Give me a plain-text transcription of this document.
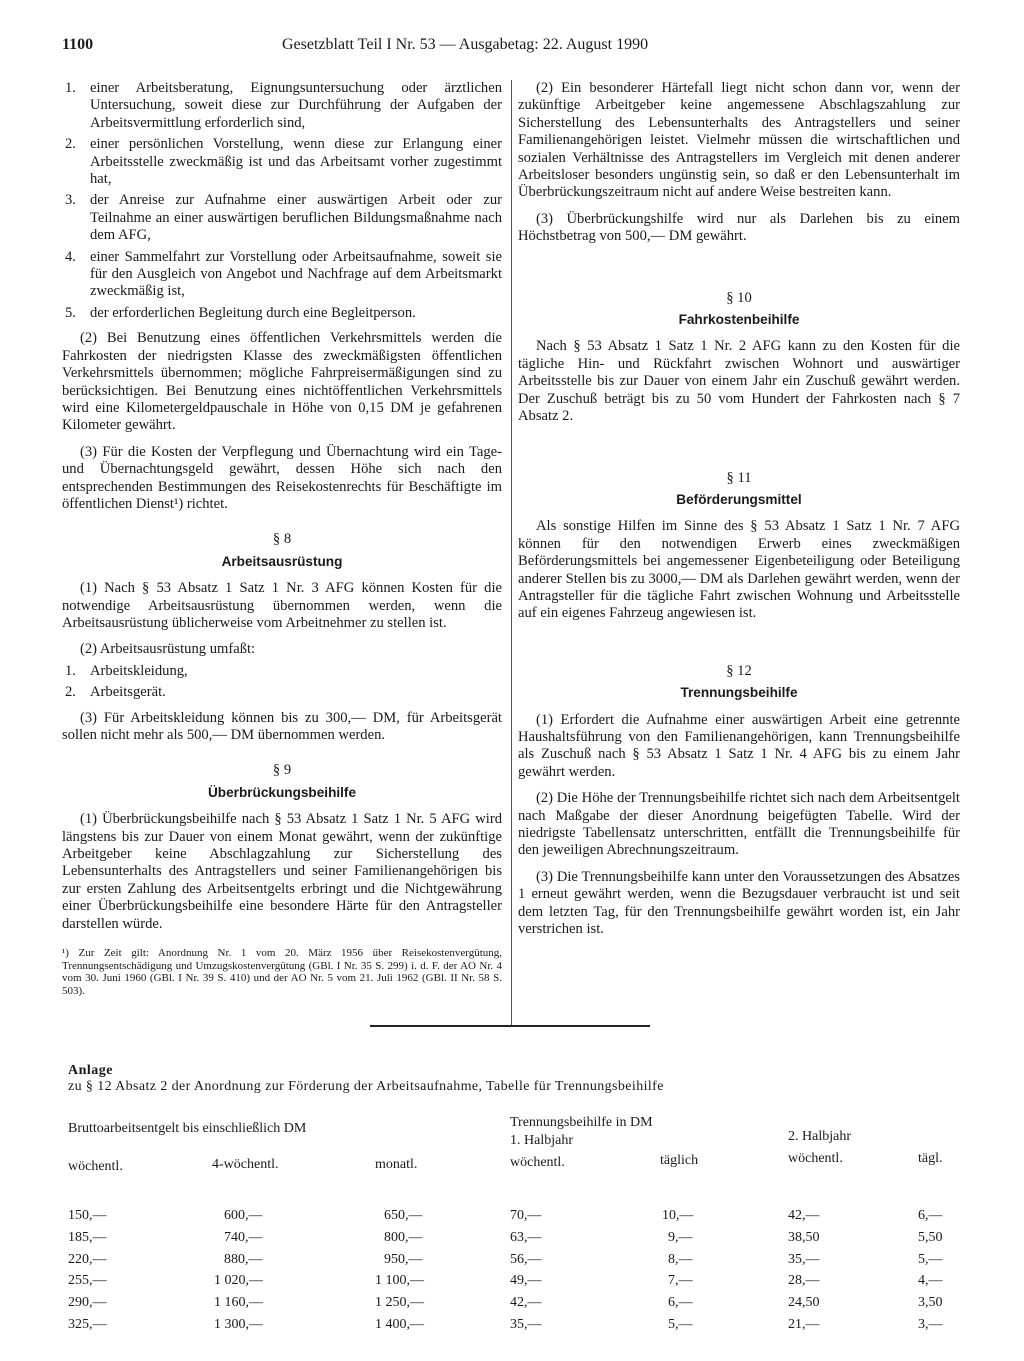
1100	Gesetzblatt Teil I Nr. 53 — Ausgabetag: 22. August 1990
1. einer Arbeitsberatung, Eignungsuntersuchung oder ärztlichen Untersuchung, soweit diese zur Durchführung der Aufgaben der Arbeitsvermittlung erforderlich sind,
2. einer persönlichen Vorstellung, wenn diese zur Erlangung einer Arbeitsstelle zweckmäßig ist und das Arbeitsamt vorher zugestimmt hat,
3. der Anreise zur Aufnahme einer auswärtigen Arbeit oder zur Teilnahme an einer auswärtigen beruflichen Bildungsmaßnahme nach dem AFG,
4. einer Sammelfahrt zur Vorstellung oder Arbeitsaufnahme, soweit sie für den Ausgleich von Angebot und Nachfrage auf dem Arbeitsmarkt zweckmäßig ist,
5. der erforderlichen Begleitung durch eine Begleitperson.

(2) Bei Benutzung eines öffentlichen Verkehrsmittels werden die Fahrkosten der niedrigsten Klasse des zweckmäßigsten öffentlichen Verkehrsmittels übernommen; mögliche Fahrpreisermäßigungen sind zu berücksichtigen. Bei Benutzung eines nichtöffentlichen Verkehrsmittels wird eine Kilometergeldpauschale in Höhe von 0,15 DM je gefahrenen Kilometer gewährt.

(3) Für die Kosten der Verpflegung und Übernachtung wird ein Tage- und Übernachtungsgeld gewährt, dessen Höhe sich nach den entsprechenden Bestimmungen des Reisekostenrechts für Beschäftigte im öffentlichen Dienst¹) richtet.

§ 8
Arbeitsausrüstung

(1) Nach § 53 Absatz 1 Satz 1 Nr. 3 AFG können Kosten für die notwendige Arbeitsausrüstung übernommen werden, wenn die Arbeitsausrüstung üblicherweise vom Arbeitnehmer zu stellen ist.

(2) Arbeitsausrüstung umfaßt:

1. Arbeitskleidung,
2. Arbeitsgerät.

(3) Für Arbeitskleidung können bis zu 300,— DM, für Arbeitsgerät sollen nicht mehr als 500,— DM übernommen werden.

§ 9
Überbrückungsbeihilfe

(1) Überbrückungsbeihilfe nach § 53 Absatz 1 Satz 1 Nr. 5 AFG wird längstens bis zur Dauer von einem Monat gewährt, wenn der zukünftige Arbeitgeber keine Abschlagzahlung zur Sicherstellung des Lebensunterhalts des Antragstellers und seiner Familienangehörigen bis zur ersten Zahlung des Arbeitsentgelts erbringt und die Nichtgewährung einer Überbrückungsbeihilfe eine besondere Härte für den Antragsteller darstellen würde.

¹) Zur Zeit gilt: Anordnung Nr. 1 vom 20. März 1956 über Reisekostenvergütung, Trennungsentschädigung und Umzugskostenvergütung (GBl. I Nr. 35 S. 299) i. d. F. der AO Nr. 4 vom 30. Juni 1960 (GBl. I Nr. 39 S. 410) und der AO Nr. 5 vom 21. Juli 1962 (GBl. II Nr. 58 S. 503).

(2) Ein besonderer Härtefall liegt nicht schon dann vor, wenn der zukünftige Arbeitgeber keine angemessene Abschlagszahlung zur Sicherstellung des Lebensunterhalts des Antragstellers und seiner Familienangehörigen leistet. Vielmehr müssen die wirtschaftlichen und sozialen Verhältnisse des Antragstellers im Vergleich mit denen anderer Arbeitsloser besonders ungünstig sein, so daß er den Lebensunterhalt im Überbrückungszeitraum nicht auf andere Weise bestreiten kann.

(3) Überbrückungshilfe wird nur als Darlehen bis zu einem Höchstbetrag von 500,— DM gewährt.

§ 10
Fahrkostenbeihilfe

Nach § 53 Absatz 1 Satz 1 Nr. 2 AFG kann zu den Kosten für die tägliche Hin- und Rückfahrt zwischen Wohnort und auswärtiger Arbeitsstelle bis zur Dauer von einem Jahr ein Zuschuß gewährt werden. Der Zuschuß beträgt bis zu 50 vom Hundert der Fahrkosten nach § 7 Absatz 2.

§ 11
Beförderungsmittel

Als sonstige Hilfen im Sinne des § 53 Absatz 1 Satz 1 Nr. 7 AFG können für den notwendigen Erwerb eines zweckmäßigen Beförderungsmittels bei angemessener Eigenbeteiligung oder Beteiligung anderer Stellen bis zu 3000,— DM als Darlehen gewährt werden, wenn der Antragsteller für die tägliche Fahrt zwischen Wohnung und Arbeitsstelle auf ein eigenes Fahrzeug angewiesen ist.

§ 12
Trennungsbeihilfe

(1) Erfordert die Aufnahme einer auswärtigen Arbeit eine getrennte Haushaltsführung von den Familienangehörigen, kann Trennungsbeihilfe als Zuschuß nach § 53 Absatz 1 Satz 1 Nr. 4 AFG bis zu einem Jahr gewährt werden.

(2) Die Höhe der Trennungsbeihilfe richtet sich nach dem Arbeitsentgelt nach Maßgabe der dieser Anordnung beigefügten Tabelle. Wird der niedrigste Tabellensatz unterschritten, entfällt die Trennungsbeihilfe für den jeweiligen Abrechnungszeitraum.

(3) Die Trennungsbeihilfe kann unter den Voraussetzungen des Absatzes 1 erneut gewährt werden, wenn die Bezugsdauer verbraucht ist und seit dem letzten Tag, für den Trennungsbeihilfe gewährt worden ist, ein Jahr verstrichen ist.

Anlage
zu § 12 Absatz 2 der Anordnung zur Förderung der Arbeitsaufnahme, Tabelle für Trennungsbeihilfe
Bruttoarbeitsentgelt bis einschließlich DM	Trennungsbeihilfe in DM
1. Halbjahr	2. Halbjahr
wöchentl.	4-wöchentl.	monatl.	wöchentl.	täglich	wöchentl.	tägl.
150,—	600,—	650,—	70,—	10,—	42,—	6,—
185,—	740,—	800,—	63,—	9,—	38,50	5,50
220,—	880,—	950,—	56,—	8,—	35,—	5,—
255,—	1 020,—	1 100,—	49,—	7,—	28,—	4,—
290,—	1 160,—	1 250,—	42,—	6,—	24,50	3,50
325,—	1 300,—	1 400,—	35,—	5,—	21,—	3,—
